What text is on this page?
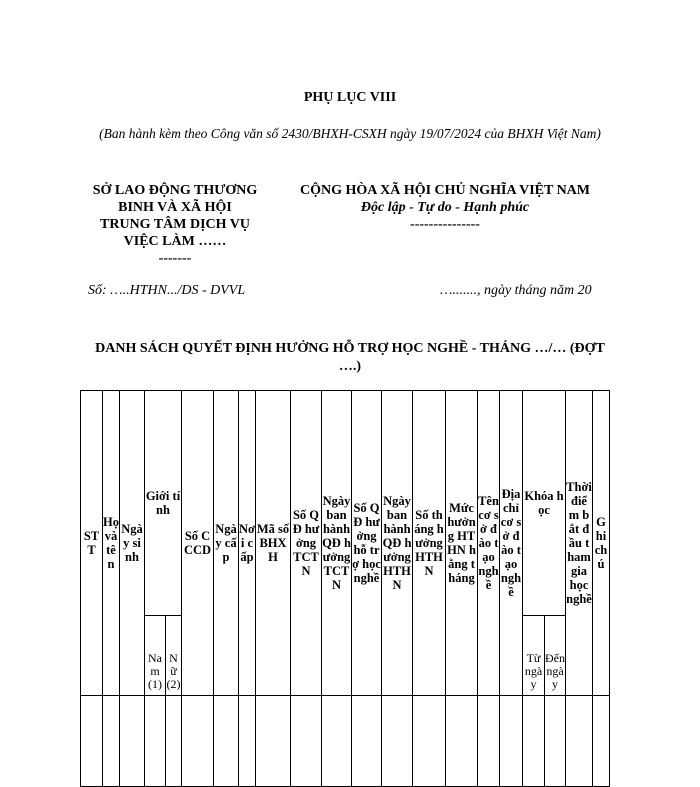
PHỤ LỤC VIII
(Ban hành kèm theo Công văn số 2430/BHXH-CSXH ngày 19/07/2024 của BHXH Việt Nam)
SỞ LAO ĐỘNG THƯƠNG
BINH VÀ XÃ HỘI
TRUNG TÂM DỊCH VỤ
VIỆC LÀM ……
-------
CỘNG HÒA XÃ HỘI CHỦ NGHĨA VIỆT NAM
Độc lập - Tự do - Hạnh phúc
---------------
Số: …..HTHN.../DS - DVVL	…......., ngày tháng năm 20
DANH SÁCH QUYẾT ĐỊNH HƯỞNG HỖ TRỢ HỌC NGHỀ - THÁNG …/… (ĐỢT ….)
STT	Họ và tên	Ngày sinh	Giới tính		Số CCCD	Ngày cấp	Nơi cấp	Mã số BHXH	Số QĐ hưởng TCTN	Ngày ban hành QĐ hưởng TCTN	Số QĐ hưởng hỗ trợ học nghề	Ngày ban hành QĐ hưởng HTHN	Số tháng hưởng HTHN	Mức hưởng HTHN hằng tháng	Tên cơ sở đào tạo nghề	Địa chỉ cơ sở đào tạo nghề	Khóa học		Thời điểm bắt đầu tham gia học nghề	Ghi chú
			Nam (1)	Nữ (2)													Từ ngày	Đến ngày		
